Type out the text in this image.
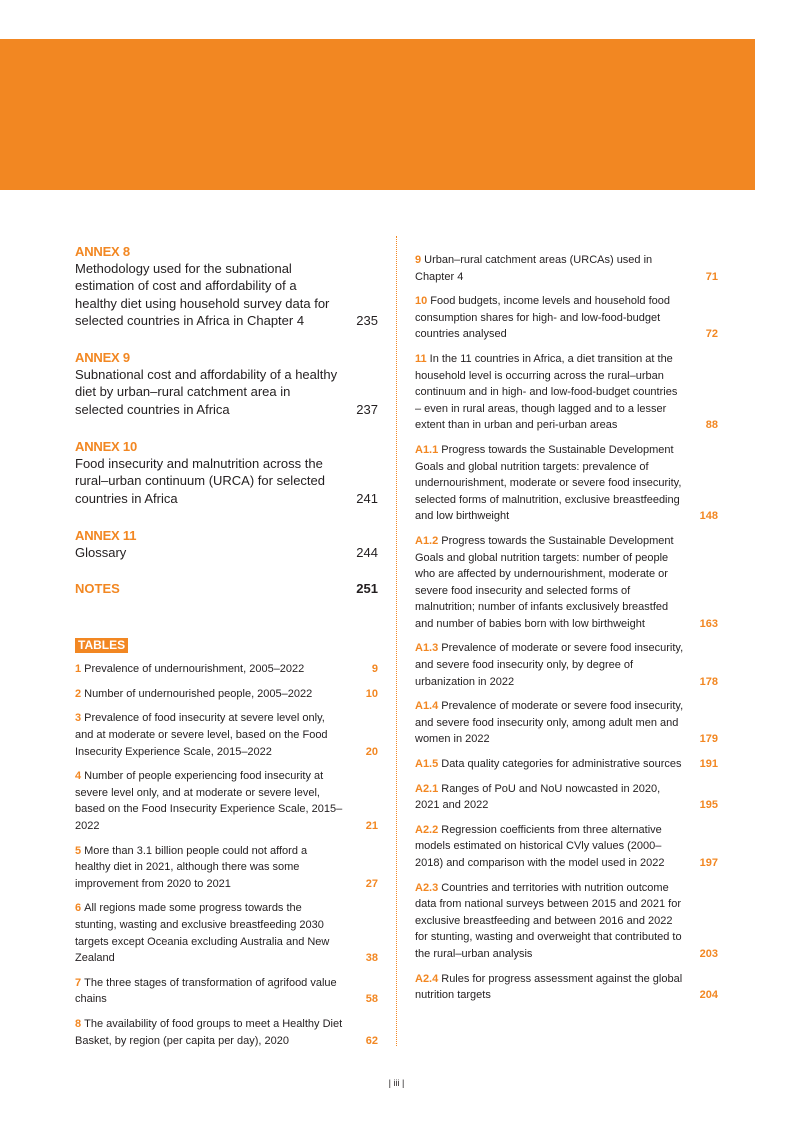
ANNEX 8
Methodology used for the subnational estimation of cost and affordability of a healthy diet using household survey data for selected countries in Africa in Chapter 4	235
ANNEX 9
Subnational cost and affordability of a healthy diet by urban–rural catchment area in selected countries in Africa	237
ANNEX 10
Food insecurity and malnutrition across the rural–urban continuum (URCA) for selected countries in Africa	241
ANNEX 11
Glossary	244
NOTES	251
TABLES
1 Prevalence of undernourishment, 2005–2022	9
2 Number of undernourished people, 2005–2022	10
3 Prevalence of food insecurity at severe level only, and at moderate or severe level, based on the Food Insecurity Experience Scale, 2015–2022	20
4 Number of people experiencing food insecurity at severe level only, and at moderate or severe level, based on the Food Insecurity Experience Scale, 2015–2022	21
5 More than 3.1 billion people could not afford a healthy diet in 2021, although there was some improvement from 2020 to 2021	27
6 All regions made some progress towards the stunting, wasting and exclusive breastfeeding 2030 targets except Oceania excluding Australia and New Zealand	38
7 The three stages of transformation of agrifood value chains	58
8 The availability of food groups to meet a Healthy Diet Basket, by region (per capita per day), 2020	62
9 Urban–rural catchment areas (URCAs) used in Chapter 4	71
10 Food budgets, income levels and household food consumption shares for high- and low-food-budget countries analysed	72
11 In the 11 countries in Africa, a diet transition at the household level is occurring across the rural–urban continuum and in high- and low-food-budget countries – even in rural areas, though lagged and to a lesser extent than in urban and peri-urban areas	88
A1.1 Progress towards the Sustainable Development Goals and global nutrition targets: prevalence of undernourishment, moderate or severe food insecurity, selected forms of malnutrition, exclusive breastfeeding and low birthweight	148
A1.2 Progress towards the Sustainable Development Goals and global nutrition targets: number of people who are affected by undernourishment, moderate or severe food insecurity and selected forms of malnutrition; number of infants exclusively breastfed and number of babies born with low birthweight	163
A1.3 Prevalence of moderate or severe food insecurity, and severe food insecurity only, by degree of urbanization in 2022	178
A1.4 Prevalence of moderate or severe food insecurity, and severe food insecurity only, among adult men and women in 2022	179
A1.5 Data quality categories for administrative sources 191
A2.1 Ranges of PoU and NoU nowcasted in 2020, 2021 and 2022	195
A2.2 Regression coefficients from three alternative models estimated on historical CVly values (2000–2018) and comparison with the model used in 2022	197
A2.3 Countries and territories with nutrition outcome data from national surveys between 2015 and 2021 for exclusive breastfeeding and between 2016 and 2022 for stunting, wasting and overweight that contributed to the rural–urban analysis	203
A2.4 Rules for progress assessment against the global nutrition targets	204
| iii |
